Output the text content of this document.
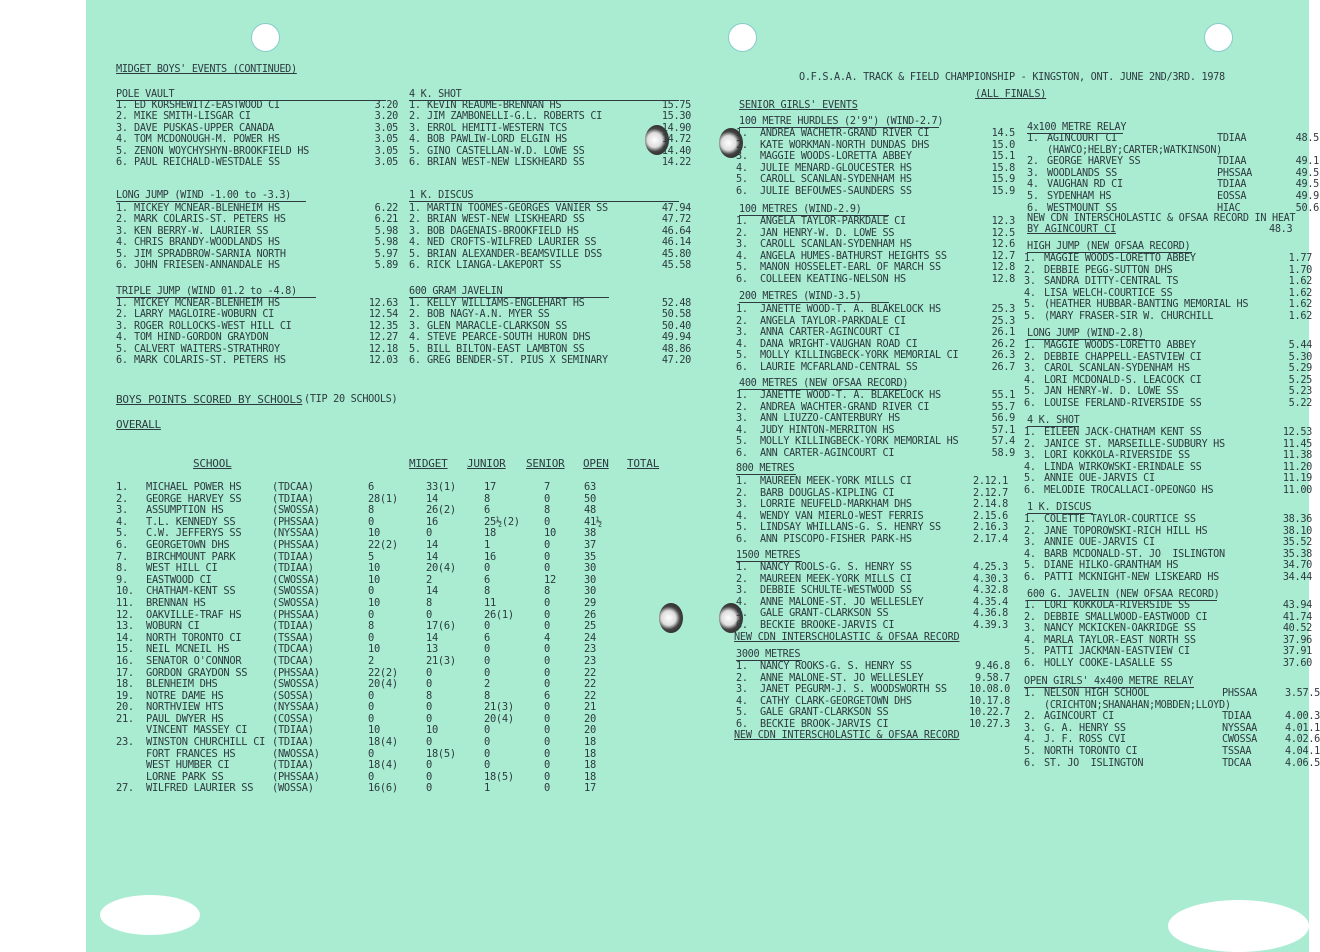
MIDGET BOYS' EVENTS (CONTINUED)
POLE VAULT
1. ED KORSHEWITZ-EASTWOOD CI	3.20
2. MIKE SMITH-LISGAR CI	3.20
3. DAVE PUSKAS-UPPER CANADA	3.05
4. TOM MCDONOUGH-M. POWER HS	3.05
5. ZENON WOYCHYSHYN-BROOKFIELD HS	3.05
6. PAUL REICHALD-WESTDALE SS	3.05
LONG JUMP (WIND -1.00 to -3.3)
1. MICKEY MCNEAR-BLENHEIM HS	6.22
2. MARK COLARIS-ST. PETERS HS	6.21
3. KEN BERRY-W. LAURIER SS	5.98
4. CHRIS BRANDY-WOODLANDS HS	5.98
5. JIM SPRADBROW-SARNIA NORTH	5.97
6. JOHN FRIESEN-ANNANDALE HS	5.89
TRIPLE JUMP (WIND 01.2 to -4.8)
1. MICKEY MCNEAR-BLENHEIM HS	12.63
2. LARRY MAGLOIRE-WOBURN CI	12.54
3. ROGER ROLLOCKS-WEST HILL CI	12.35
4. TOM HIND-GORDON GRAYDON	12.27
5. CALVERT WAITERS-STRATHROY	12.18
6. MARK COLARIS-ST. PETERS HS	12.03
4 K. SHOT
1. KEVIN REAUME-BRENNAN HS	15.75
2. JIM ZAMBONELLI-G.L. ROBERTS CI	15.30
3. ERROL HEMITI-WESTERN TCS	14.90
4. BOB PAWLIW-LORD ELGIN HS	14.72
5. GINO CASTELLAN-W.D. LOWE SS	14.40
6. BRIAN WEST-NEW LISKHEARD SS	14.22
1 K. DISCUS
1. MARTIN TOOMES-GEORGES VANIER SS	47.94
2. BRIAN WEST-NEW LISKHEARD SS	47.72
3. BOB DAGENAIS-BROOKFIELD HS	46.64
4. NED CROFTS-WILFRED LAURIER SS	46.14
5. BRIAN ALEXANDER-BEAMSVILLE DSS	45.80
6. RICK LIANGA-LAKEPORT SS	45.58
600 GRAM JAVELIN
1. KELLY WILLIAMS-ENGLEHART HS	52.48
2. BOB NAGY-A.N. MYER SS	50.58
3. GLEN MARACLE-CLARKSON SS	50.40
4. STEVE PEARCE-SOUTH HURON DHS	49.94
5. BILL BILTON-EAST LAMBTON SS	48.86
6. GREG BENDER-ST. PIUS X SEMINARY	47.20
BOYS POINTS SCORED BY SCHOOLS (TIP 20 SCHOOLS)
OVERALL
SCHOOL	MIDGET JUNIOR SENIOR OPEN TOTAL
1.	MICHAEL POWER HS	(TDCAA)	6	33(1)	17	7	63
2.	GEORGE HARVEY SS	(TDIAA)	28(1)	14	8	0	50
3.	ASSUMPTION HS	(SWOSSA)	8	26(2)	6	8	48
4.	T.L. KENNEDY SS	(PHSSAA)	0	16	25½(2)	0	41½
5.	C.W. JEFFERYS SS	(NYSSAA)	10	0	18	10	38
6.	GEORGETOWN DHS	(PHSSAA)	22(2)	14	1	0	37
7.	BIRCHMOUNT PARK	(TDIAA)	5	14	16	0	35
8.	WEST HILL CI	(TDIAA)	10	20(4)	0	0	30
9.	EASTWOOD CI	(CWOSSA)	10	2	6	12	30
10.	CHATHAM-KENT SS	(SWOSSA)	0	14	8	8	30
11.	BRENNAN HS	(SWOSSA)	10	8	11	0	29
12.	OAKVILLE-TRAF HS	(PHSSAA)	0	0	26(1)	0	26
13.	WOBURN CI	(TDIAA)	8	17(6)	0	0	25
14.	NORTH TORONTO CI	(TSSAA)	0	14	6	4	24
15.	NEIL MCNEIL HS	(TDCAA)	10	13	0	0	23
16.	SENATOR O'CONNOR	(TDCAA)	2	21(3)	0	0	23
17.	GORDON GRAYDON SS	(PHSSAA)	22(2)	0	0	0	22
18.	BLENHEIM DHS	(SWOSSA)	20(4)	0	2	0	22
19.	NOTRE DAME HS	(SOSSA)	0	8	8	6	22
20.	NORTHVIEW HTS	(NYSSAA)	0	0	21(3)	0	21
21.	PAUL DWYER HS	(COSSA)	0	0	20(4)	0	20
VINCENT MASSEY CI	(TDIAA)	10	10	0	0	20
23.	WINSTON CHURCHILL CI (TDIAA)	18(4)	0	0	0	18
FORT FRANCES HS	(NWOSSA)	0	18(5)	0	0	18
WEST HUMBER CI	(TDIAA)	18(4)	0	0	0	18
LORNE PARK SS	(PHSSAA)	0	0	18(5)	0	18
27.	WILFRED LAURIER SS	(WOSSA)	16(6)	0	1	0	17
O.F.S.A.A. TRACK & FIELD CHAMPIONSHIP - KINGSTON, ONT. JUNE 2ND/3RD. 1978
(ALL FINALS)
SENIOR GIRLS' EVENTS
100 METRE HURDLES (2'9") (WIND-2.7)
1.	ANDREA WACHETR-GRAND RIVER CI	14.5
2.	KATE WORKMAN-NORTH DUNDAS DHS	15.0
3.	MAGGIE WOODS-LORETTA ABBEY	15.1
4.	JULIE MENARD-GLOUCESTER HS	15.8
5.	CAROLL SCANLAN-SYDENHAM HS	15.9
6.	JULIE BEFOUWES-SAUNDERS SS	15.9
100 METRES (WIND-2.9)
1.	ANGELA TAYLOR-PARKDALE CI	12.3
2.	JAN HENRY-W. D. LOWE SS	12.5
3.	CAROLL SCANLAN-SYDENHAM HS	12.6
4.	ANGELA HUMES-BATHURST HEIGHTS SS	12.7
5.	MANON HOSSELET-EARL OF MARCH SS	12.8
6.	COLLEEN KEATING-NELSON HS	12.8
200 METRES (WIND-3.5)
1.	JANETTE WOOD-T. A. BLAKELOCK HS	25.3
2.	ANGELA TAYLOR-PARKDALE CI	25.3
3.	ANNA CARTER-AGINCOURT CI	26.1
4.	DANA WRIGHT-VAUGHAN ROAD CI	26.2
5.	MOLLY KILLINGBECK-YORK MEMORIAL CI	26.3
6.	LAURIE MCFARLAND-CENTRAL SS	26.7
400 METRES (NEW OFSAA RECORD)
1.	JANETTE WOOD-T. A. BLAKELOCK HS	55.1
2.	ANDREA WACHTER-GRAND RIVER CI	55.7
3.	ANN LIUZZO-CANTERBURY HS	56.9
4.	JUDY HINTON-MERRITON HS	57.1
5.	MOLLY KILLINGBECK-YORK MEMORIAL HS	57.4
6.	ANN CARTER-AGINCOURT CI	58.9
800 METRES
1.	MAUREEN MEEK-YORK MILLS CI	2.12.1
2.	BARB DOUGLAS-KIPLING CI	2.12.7
3.	LORRIE NEUFELD-MARKHAM DHS	2.14.8
4.	WENDY VAN MIERLO-WEST FERRIS	2.15.6
5.	LINDSAY WHILLANS-G. S. HENRY SS	2.16.3
6.	ANN PISCOPO-FISHER PARK-HS	2.17.4
1500 METRES
1.	NANCY ROOLS-G. S. HENRY SS	4.25.3
2.	MAUREEN MEEK-YORK MILLS CI	4.30.3
3.	DEBBIE SCHULTE-WESTWOOD SS	4.32.8
4.	ANNE MALONE-ST. JO WELLESLEY	4.35.4
5.	GALE GRANT-CLARKSON SS	4.36.8
6.	BECKIE BROOKE-JARVIS CI	4.39.3
NEW CDN INTERSCHOLASTIC & OFSAA RECORD
3000 METRES
1.	NANCY ROOKS-G. S. HENRY SS	9.46.8
2.	ANNE MALONE-ST. JO WELLESLEY	9.58.7
3.	JANET PEGURM-J. S. WOODSWORTH SS	10.08.0
4.	CATHY CLARK-GEORGETOWN DHS	10.17.8
5.	GALE GRANT-CLARKSON SS	10.22.7
6.	BECKIE BROOK-JARVIS CI	10.27.3
NEW CDN INTERSCHOLASTIC & OFSAA RECORD
4x100 METRE RELAY
1. AGINCOURT CI	TDIAA	48.5
(HAWCO;HELBY;CARTER;WATKINSON)
2. GEORGE HARVEY SS	TDIAA	49.1
3. WOODLANDS SS	PHSSAA	49.5
4. VAUGHAN RD CI	TDIAA	49.5
5. SYDENHAM HS	EOSSA	49.9
6. WESTMOUNT SS	HIAC	50.6
NEW CDN INTERSCHOLASTIC & OFSAA RECORD IN HEAT
BY AGINCOURT CI	48.3
HIGH JUMP (NEW OFSAA RECORD)
1. MAGGIE WOODS-LORETTO ABBEY	1.77
2. DEBBIE PEGG-SUTTON DHS	1.70
3. SANDRA DITTY-CENTRAL TS	1.62
4. LISA WELCH-COURTICE SS	1.62
5. (HEATHER HUBBAR-BANTING MEMORIAL HS	1.62
5. (MARY FRASER-SIR W. CHURCHILL	1.62
LONG JUMP (WIND-2.8)
1. MAGGIE WOODS-LORETTO ABBEY	5.44
2. DEBBIE CHAPPELL-EASTVIEW CI	5.30
3. CAROL SCANLAN-SYDENHAM HS	5.29
4. LORI MCDONALD-S. LEACOCK CI	5.25
5. JAN HENRY-W. D. LOWE SS	5.23
6. LOUISE FERLAND-RIVERSIDE SS	5.22
4 K. SHOT
1. EILEEN JACK-CHATHAM KENT SS	12.53
2. JANICE ST. MARSEILLE-SUDBURY HS	11.45
3. LORI KOKKOLA-RIVERSIDE SS	11.38
4. LINDA WIRKOWSKI-ERINDALE SS	11.20
5. ANNIE OUE-JARVIS CI	11.19
6. MELODIE TROCALLACI-OPEONGO HS	11.00
1 K. DISCUS
1. COLETTE TAYLOR-COURTICE SS	38.36
2. JANE TOPOROWSKI-RICH HILL HS	38.10
3. ANNIE OUE-JARVIS CI	35.52
4. BARB MCDONALD-ST. JO  ISLINGTON	35.38
5. DIANE HILKO-GRANTHAM HS	34.70
6. PATTI MCKNIGHT-NEW LISKEARD HS	34.44
600 G. JAVELIN (NEW OFSAA RECORD)
1. LORI KOKKOLA-RIVERSIDE SS	43.94
2. DEBBIE SMALLWOOD-EASTWOOD CI	41.74
3. NANCY MCKICKEN-OAKRIDGE SS	40.52
4. MARLA TAYLOR-EAST NORTH SS	37.96
5. PATTI JACKMAN-EASTVIEW CI	37.91
6. HOLLY COOKE-LASALLE SS	37.60
OPEN GIRLS' 4x400 METRE RELAY
1. NELSON HIGH SCHOOL	PHSSAA	3.57.5
(CRICHTON;SHANAHAN;MOBDEN;LLOYD)
2. AGINCOURT CI	TDIAA	4.00.3
3. G. A. HENRY SS	NYSSAA	4.01.1
4. J. F. ROSS CVI	CWOSSA	4.02.6
5. NORTH TORONTO CI	TSSAA	4.04.1
6. ST. JO  ISLINGTON	TDCAA	4.06.5
